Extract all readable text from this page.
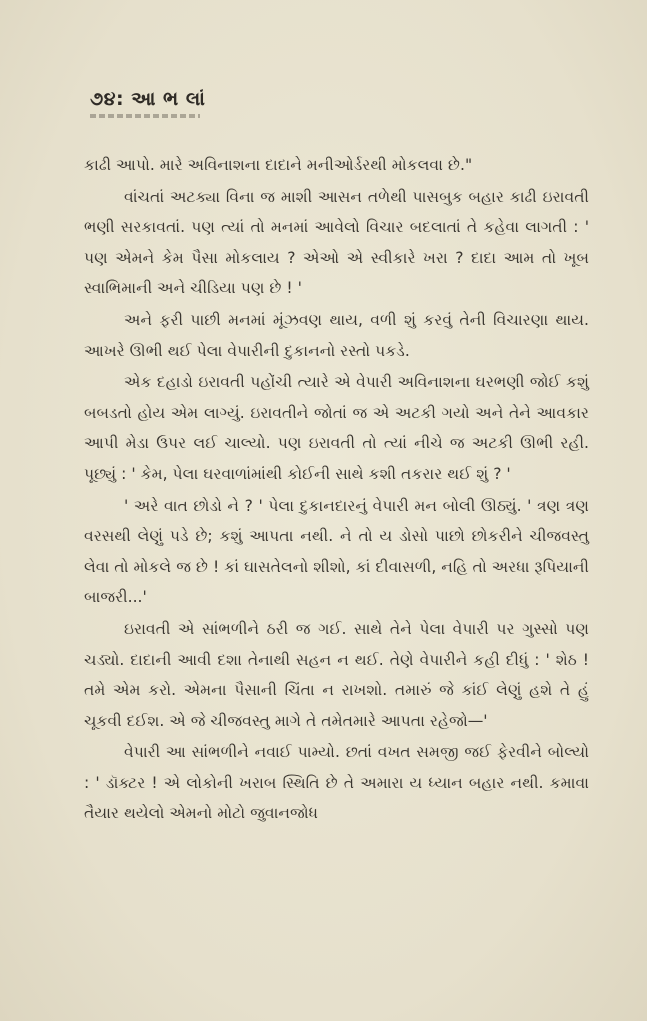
૭૪: આ ભ લાં

કાઢી આપો. મારે અવિનાશના દાદાને મનીઓર્ડરથી મોકલવા છે."

વાંચતાં અટક્યા વિના જ માશી આસન તળેથી પાસબુક બહાર કાઢી ઇરાવતી ભણી સરકાવતાં. પણ ત્યાં તો મનમાં આવેલો વિચાર બદલાતાં તે કહેવા લાગતી : ' પણ એમને કેમ પૈસા મોકલાય ? એઓ એ સ્વીકારે ખરા ? દાદા આમ તો ખૂબ સ્વાભિમાની અને ચીડિયા પણ છે ! '

અને ફરી પાછી મનમાં મૂંઝવણ થાય, વળી શું કરવું તેની વિચારણા થાય. આખરે ઊભી થઈ પેલા વેપારીની દુકાનનો રસ્તો પકડે.

એક દહાડો ઇરાવતી પહોંચી ત્યારે એ વેપારી અવિનાશના ઘરભણી જોઈ કશું બબડતો હોય એમ લાગ્યું. ઇરાવતીને જોતાં જ એ અટકી ગયો અને તેને આવકાર આપી મેડા ઉપર લઈ ચાલ્યો. પણ ઇરાવતી તો ત્યાં નીચે જ અટકી ઊભી રહી. પૂછ્યું : ' કેમ, પેલા ઘરવાળાંમાંથી કોઈની સાથે કશી તકરાર થઈ શું ? '

' અરે વાત છોડો ને ? ' પેલા દુકાનદારનું વેપારી મન બોલી ઊઠ્યું. ' ત્રણ ત્રણ વરસથી લેણું પડે છે; કશું આપતા નથી. ને તો ય ડોસો પાછો છોકરીને ચીજવસ્તુ લેવા તો મોકલે જ છે ! કાં ઘાસતેલનો શીશો, કાં દીવાસળી, નહિ તો અરધા રૂપિયાની બાજરી...'

ઇરાવતી એ સાંભળીને ઠરી જ ગઈ. સાથે તેને પેલા વેપારી પર ગુસ્સો પણ ચડ્યો. દાદાની આવી દશા તેનાથી સહન ન થઈ. તેણે વેપારીને કહી દીધું : ' શેઠ ! તમે એમ કરો. એમના પૈસાની ચિંતા ન રાખશો. તમારું જે કાંઈ લેણું હશે તે હું ચૂકવી દઈશ. એ જે ચીજવસ્તુ માગે તે તમેતમારે આપતા રહેજો—'

વેપારી આ સાંભળીને નવાઈ પામ્યો. છતાં વખત સમજી જઈ ફેરવીને બોલ્યો : ' ડૉક્ટર ! એ લોકોની ખરાબ સ્થિતિ છે તે અમારા ય ધ્યાન બહાર નથી. કમાવા તૈયાર થયેલો એમનો મોટો જુવાનજોધ
